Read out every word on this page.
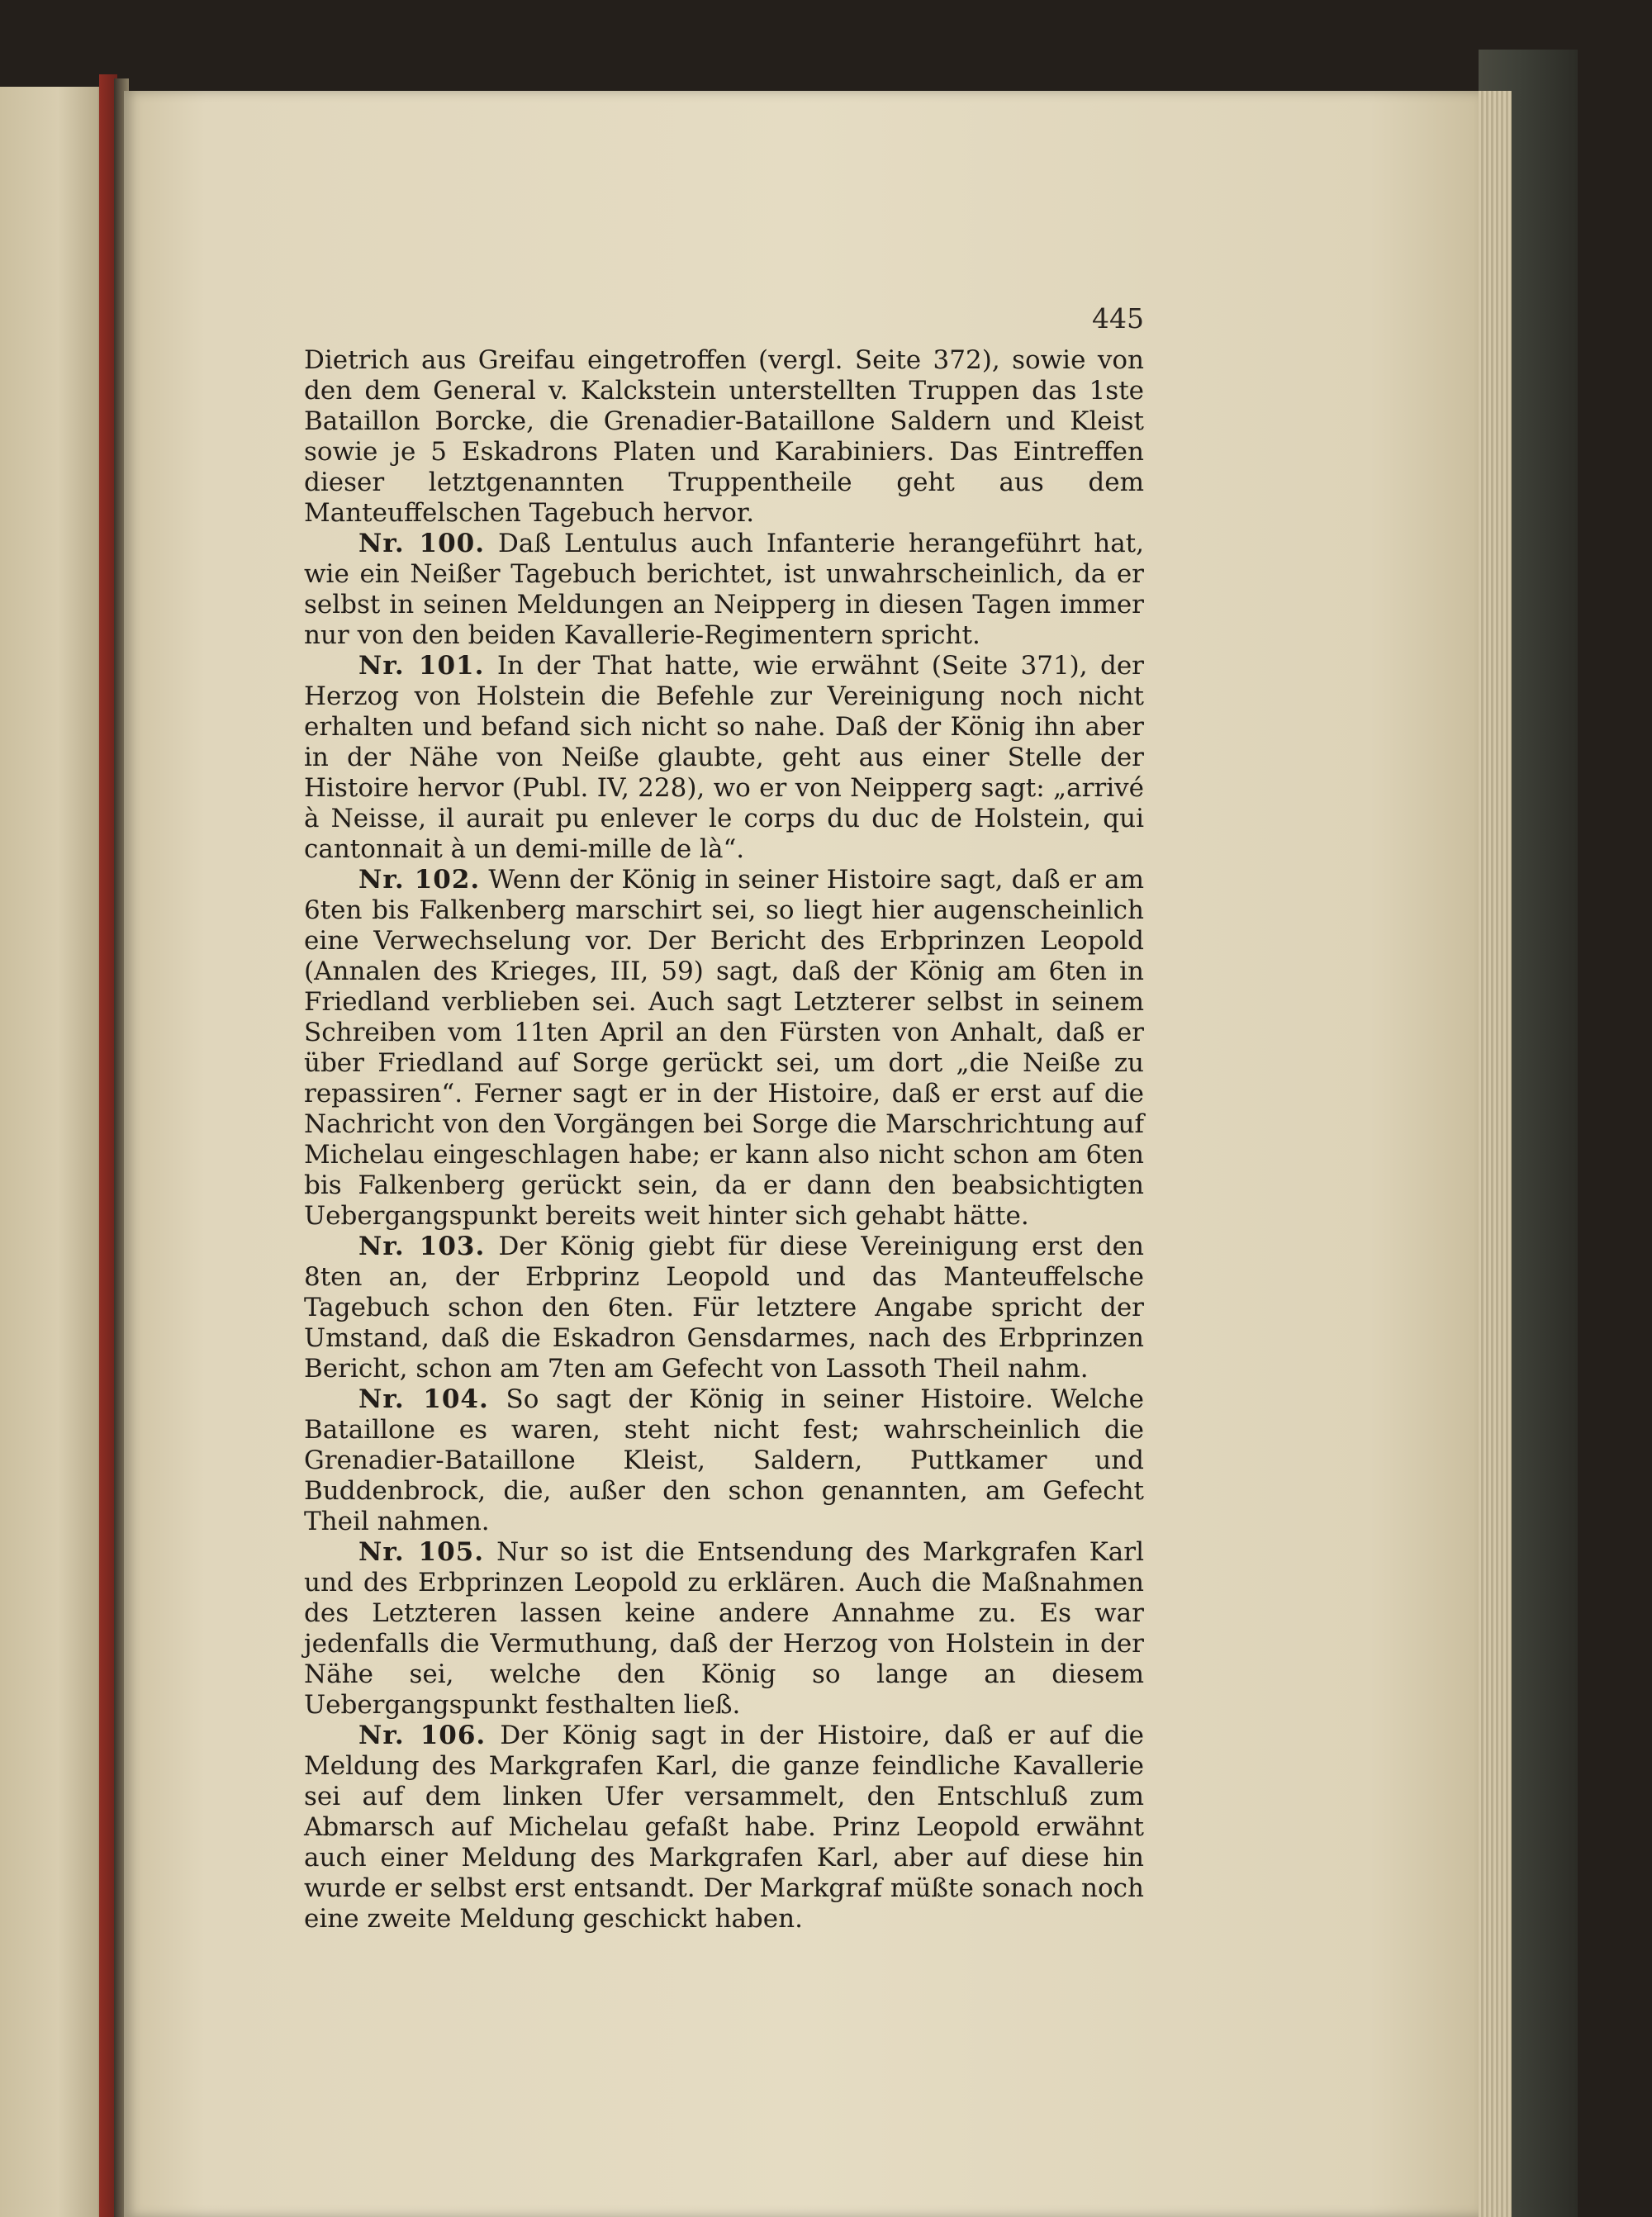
445

Dietrich aus Greifau eingetroffen (vergl. Seite 372), sowie von den dem General v. Kalckstein unterstellten Truppen das 1ste Bataillon Borcke, die Grenadier-Bataillone Saldern und Kleist sowie je 5 Eskadrons Platen und Karabiniers. Das Eintreffen dieser letztgenannten Truppentheile geht aus dem Manteuffelschen Tagebuch hervor.

Nr. 100. Daß Lentulus auch Infanterie herangeführt hat, wie ein Neißer Tagebuch berichtet, ist unwahrscheinlich, da er selbst in seinen Meldungen an Neipperg in diesen Tagen immer nur von den beiden Kavallerie-Regimentern spricht.

Nr. 101. In der That hatte, wie erwähnt (Seite 371), der Herzog von Holstein die Befehle zur Vereinigung noch nicht erhalten und befand sich nicht so nahe. Daß der König ihn aber in der Nähe von Neiße glaubte, geht aus einer Stelle der Histoire hervor (Publ. IV, 228), wo er von Neipperg sagt: „arrivé à Neisse, il aurait pu enlever le corps du duc de Holstein, qui cantonnait à un demi-mille de là“.

Nr. 102. Wenn der König in seiner Histoire sagt, daß er am 6ten bis Falkenberg marschirt sei, so liegt hier augenscheinlich eine Verwechselung vor. Der Bericht des Erbprinzen Leopold (Annalen des Krieges, III, 59) sagt, daß der König am 6ten in Friedland verblieben sei. Auch sagt Letzterer selbst in seinem Schreiben vom 11ten April an den Fürsten von Anhalt, daß er über Friedland auf Sorge gerückt sei, um dort „die Neiße zu repassiren“. Ferner sagt er in der Histoire, daß er erst auf die Nachricht von den Vorgängen bei Sorge die Marschrichtung auf Michelau eingeschlagen habe; er kann also nicht schon am 6ten bis Falkenberg gerückt sein, da er dann den beabsichtigten Uebergangspunkt bereits weit hinter sich gehabt hätte.

Nr. 103. Der König giebt für diese Vereinigung erst den 8ten an, der Erbprinz Leopold und das Manteuffelsche Tagebuch schon den 6ten. Für letztere Angabe spricht der Umstand, daß die Eskadron Gensdarmes, nach des Erbprinzen Bericht, schon am 7ten am Gefecht von Lassoth Theil nahm.

Nr. 104. So sagt der König in seiner Histoire. Welche Bataillone es waren, steht nicht fest; wahrscheinlich die Grenadier-Bataillone Kleist, Saldern, Puttkamer und Buddenbrock, die, außer den schon genannten, am Gefecht Theil nahmen.

Nr. 105. Nur so ist die Entsendung des Markgrafen Karl und des Erbprinzen Leopold zu erklären. Auch die Maßnahmen des Letzteren lassen keine andere Annahme zu. Es war jedenfalls die Vermuthung, daß der Herzog von Holstein in der Nähe sei, welche den König so lange an diesem Uebergangspunkt festhalten ließ.

Nr. 106. Der König sagt in der Histoire, daß er auf die Meldung des Markgrafen Karl, die ganze feindliche Kavallerie sei auf dem linken Ufer versammelt, den Entschluß zum Abmarsch auf Michelau gefaßt habe. Prinz Leopold erwähnt auch einer Meldung des Markgrafen Karl, aber auf diese hin wurde er selbst erst entsandt. Der Markgraf müßte sonach noch eine zweite Meldung geschickt haben.
